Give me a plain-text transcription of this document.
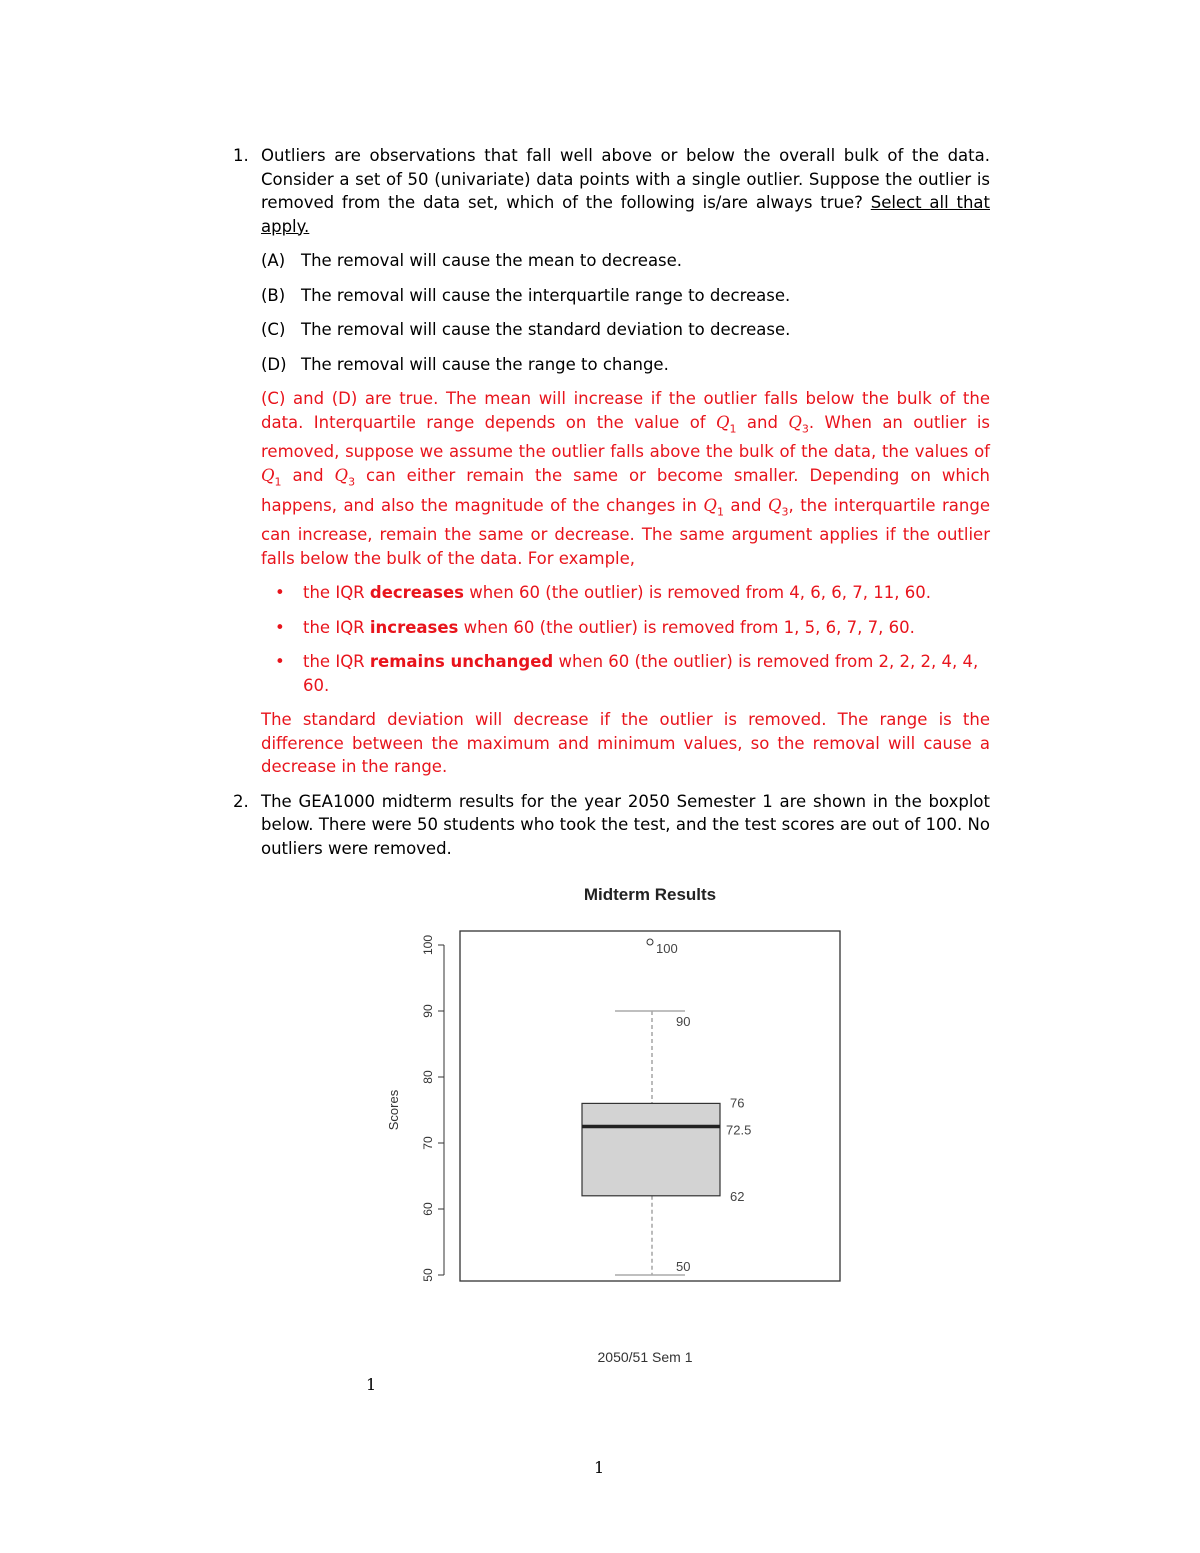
1. Outliers are observations that fall well above or below the overall bulk of the data. Consider a set of 50 (univariate) data points with a single outlier. Suppose the outlier is removed from the data set, which of the following is/are always true? Select all that apply.
(A) The removal will cause the mean to decrease.
(B) The removal will cause the interquartile range to decrease.
(C) The removal will cause the standard deviation to decrease.
(D) The removal will cause the range to change.
(C) and (D) are true. The mean will increase if the outlier falls below the bulk of the data. Interquartile range depends on the value of $Q_1$ and $Q_3$. When an outlier is removed, suppose we assume the outlier falls above the bulk of the data, the values of $Q_1$ and $Q_3$ can either remain the same or become smaller. Depending on which happens, and also the magnitude of the changes in $Q_1$ and $Q_3$, the interquartile range can increase, remain the same or decrease. The same argument applies if the outlier falls below the bulk of the data. For example,
•	the IQR decreases when 60 (the outlier) is removed from 4, 6, 6, 7, 11, 60.
•	the IQR increases when 60 (the outlier) is removed from 1, 5, 6, 7, 7, 60.
•	the IQR remains unchanged when 60 (the outlier) is removed from 2, 2, 2, 4, 4, 60.
The standard deviation will decrease if the outlier is removed. The range is the difference between the maximum and minimum values, so the removal will cause a decrease in the range.
2. The GEA1000 midterm results for the year 2050 Semester 1 are shown in the boxplot below. There were 50 students who took the test, and the test scores are out of 100. No outliers were removed.
Midterm Results
50
60
70
80
90
100
Scores
100
90
76
72.5
62
50
2050/51 Sem 1
1
1
